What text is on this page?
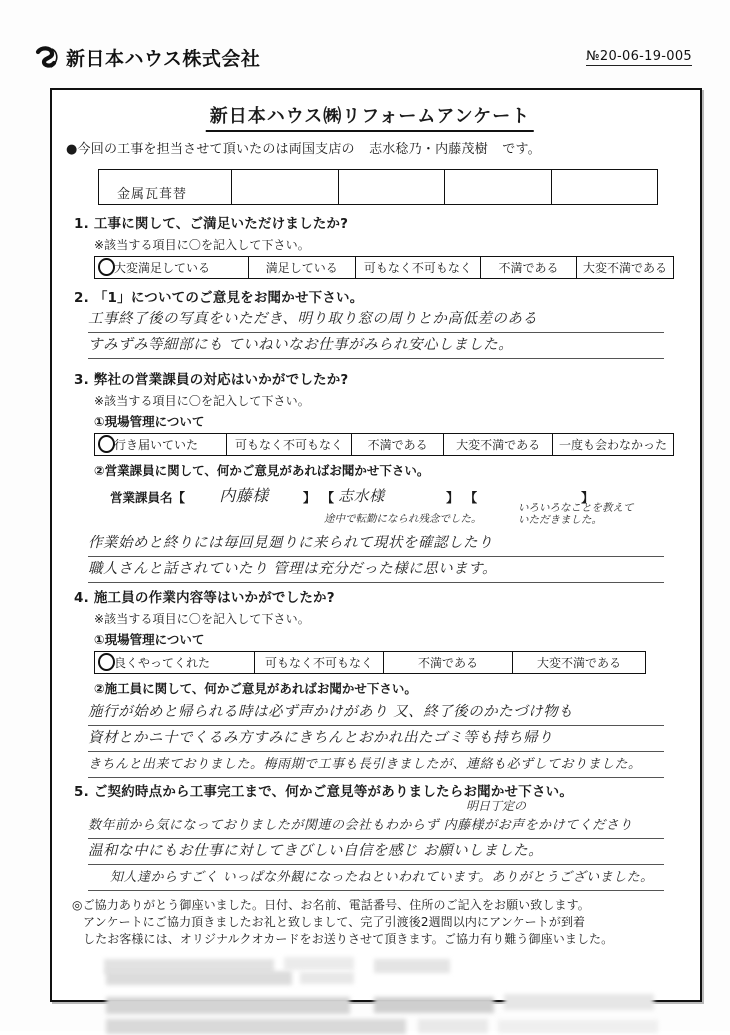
新日本ハウス株式会社	№20-06-19-005
新日本ハウス㈱リフォームアンケート
●今回の工事を担当させて頂いたのは両国支店の 志水稔乃・内藤茂樹 です。
金属瓦葺替				
1. 工事に関して、ご満足いただけましたか?
※該当する項目に〇を記入して下さい。
大変満足している	満足している	可もなく不可もなく	不満である	大変不満である
2. 「1」についてのご意見をお聞かせ下さい。
工事終了後の写真をいただき、明り取り窓の周りとか高低差のある
すみずみ等細部にも ていねいなお仕事がみられ安心しました。
3. 弊社の営業課員の対応はいかがでしたか?
※該当する項目に〇を記入して下さい。
①現場管理について
行き届いていた	可もなく不可もなく	不満である	大変不満である	一度も会わなかった
②営業課員に関して、何かご意見があればお聞かせ下さい。
営業課員名 【	内藤様	】 【 志水様	】 【	】
途中で転勤になられ残念でした。
いろいろなことを教えて
いただきました。
作業始めと終りには毎回見廻りに来られて現状を確認したり
職人さんと話されていたり 管理は充分だった様に思います。
4. 施工員の作業内容等はいかがでしたか?
※該当する項目に〇を記入して下さい。
①現場管理について
良くやってくれた	可もなく不可もなく	不満である	大変不満である
②施工員に関して、何かご意見があればお聞かせ下さい。
施行が始めと帰られる時は必ず声かけがあり 又、終了後のかたづけ物も
資材とかニ十でくるみ方すみにきちんとおかれ出たゴミ等も持ち帰り
きちんと出来ておりました。梅雨期で工事も長引きましたが、連絡も必ずしておりました。
5. ご契約時点から工事完工まで、何かご意見等がありましたらお聞かせ下さい。
明日丁定の
数年前から気になっておりましたが関連の会社もわからず 内藤様がお声をかけてくださり
温和な中にもお仕事に対してきびしい自信を感じ お願いしました。
知人達からすごく いっぱな外観になったねといわれています。ありがとうございました。
◎ご協力ありがとう御座いました。日付、お名前、電話番号、住所のご記入をお願い致します。
アンケートにご協力頂きましたお礼と致しまして、完了引渡後2週間以内にアンケートが到着
したお客様には、オリジナルクオカードをお送りさせて頂きます。ご協力有り難う御座いました。
